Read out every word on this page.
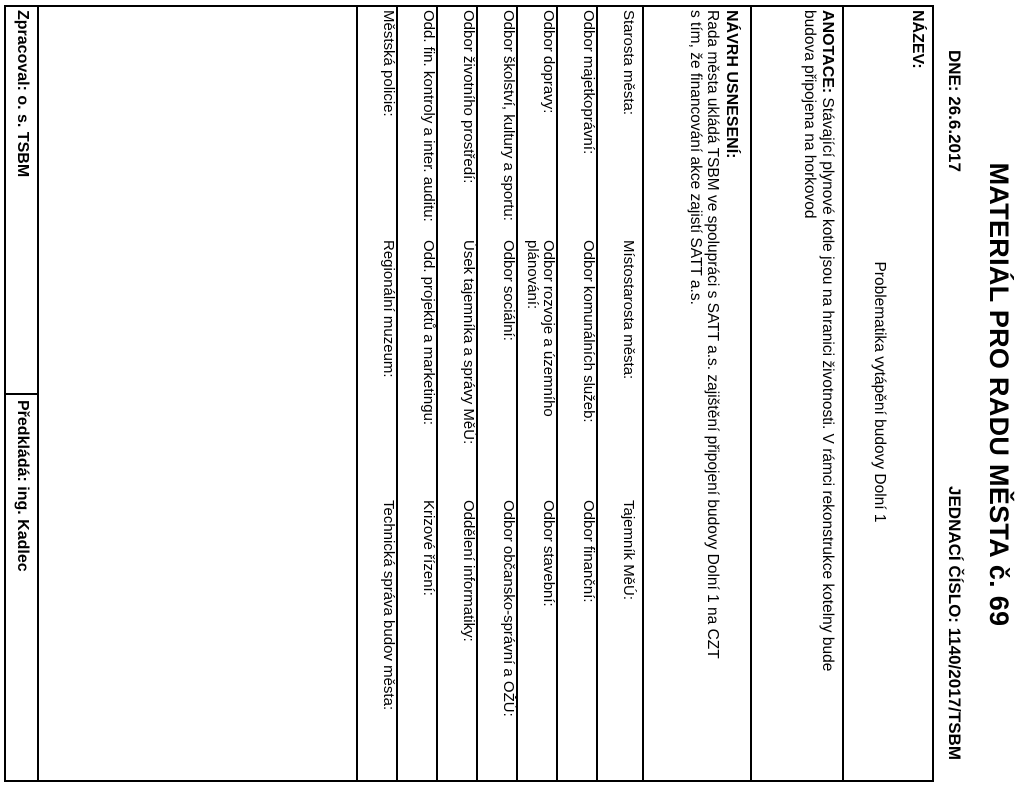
MATERIÁL PRO RADU MĚSTA č. 69
DNE: 26.6.2017
JEDNACÍ ČÍSLO: 1140/2017/TSBM
NÁZEV:
Problematika vytápění budovy Dolní 1
ANOTACE: Stávající plynové kotle jsou na hranici životnosti. V rámci rekonstrukce kotelny bude
budova připojena na horkovod
NÁVRH USNESENÍ:
Rada města ukládá TSBM ve spolupráci s SATT a.s. zajištění připojení budovy Dolní 1 na CZT
s tím, že financování akce zajistí SATT a.s.
Starosta města:
Místostarosta města:
Tajemník MěÚ:
Odbor majetkoprávní:
Odbor komunálních služeb:
Odbor finanční:
Odbor dopravy:
Odbor rozvoje a územního
Odbor stavební:
Odbor školství, kultury a sportu:
Odbor sociální:
Odbor občansko-správní a OŽÚ:
Odbor životního prostředí:
Úsek tajemníka a správy MěÚ:
Oddělení informatiky:
Odd. fin. kontroly a inter. auditu:
Odd. projektů a marketingu:
Krizové řízení:
Městská policie:
Regionální muzeum:
Technická správa budov města:
plánování:
Zpracoval: o. s. TSBM
Předkládá: ing. Kadlec
